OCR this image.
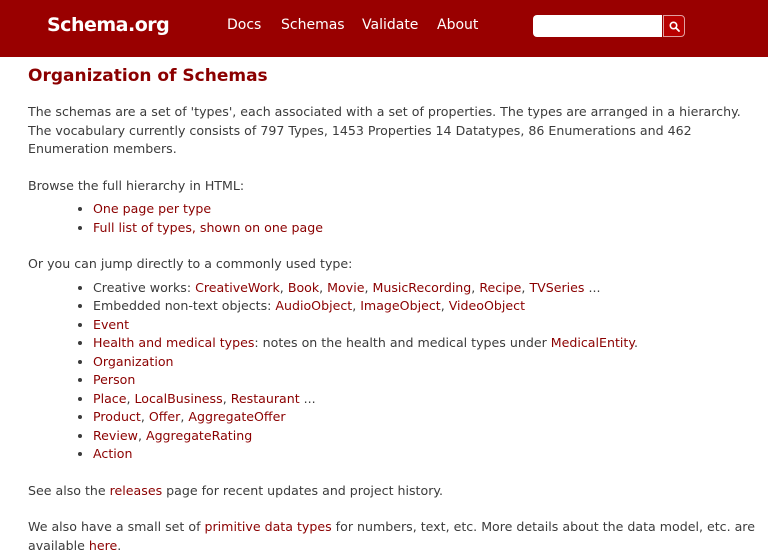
Schema.org	Docs Schemas Validate About
Organization of Schemas

The schemas are a set of 'types', each associated with a set of properties. The types are arranged in a hierarchy.
The vocabulary currently consists of 797 Types, 1453 Properties 14 Datatypes, 86 Enumerations and 462 Enumeration members.

Browse the full hierarchy in HTML:

• One page per type
• Full list of types, shown on one page

Or you can jump directly to a commonly used type:

• Creative works: CreativeWork, Book, Movie, MusicRecording, Recipe, TVSeries ...
• Embedded non-text objects: AudioObject, ImageObject, VideoObject
• Event
• Health and medical types: notes on the health and medical types under MedicalEntity.
• Organization
• Person
• Place, LocalBusiness, Restaurant ...
• Product, Offer, AggregateOffer
• Review, AggregateRating
• Action

See also the releases page for recent updates and project history.

We also have a small set of primitive data types for numbers, text, etc. More details about the data model, etc. are available here.
